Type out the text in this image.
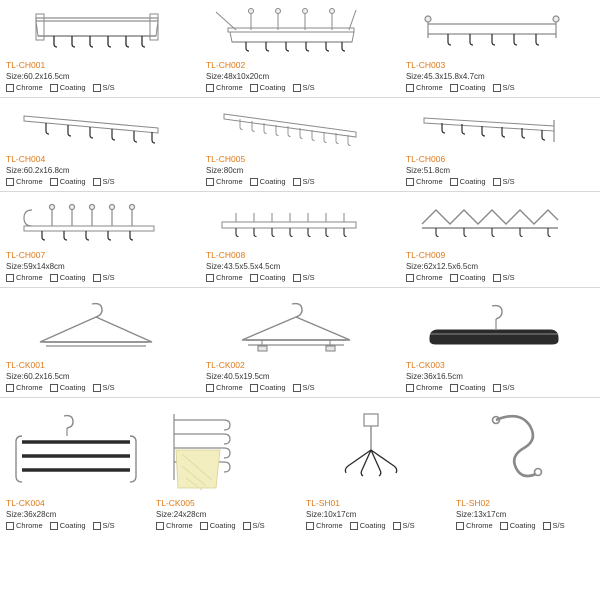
TL-CH001
Size:60.2x16.5cm
Chrome Coating S/S
TL-CH002
Size:48x10x20cm
Chrome Coating S/S
TL-CH003
Size:45.3x15.8x4.7cm
Chrome Coating S/S
TL-CH004
Size:60.2x16.8cm
Chrome Coating S/S
TL-CH005
Size:80cm
Chrome Coating S/S
TL-CH006
Size:51.8cm
Chrome Coating S/S
TL-CH007
Size:59x14x8cm
Chrome Coating S/S
TL-CH008
Size:43.5x5.5x4.5cm
Chrome Coating S/S
TL-CH009
Size:62x12.5x6.5cm
Chrome Coating S/S
TL-CK001
Size:60.2x16.5cm
Chrome Coating S/S
TL-CK002
Size:40.5x19.5cm
Chrome Coating S/S
TL-CK003
Size:36x16.5cm
Chrome Coating S/S
TL-CK004
Size:36x28cm
Chrome Coating S/S
TL-CK005
Size:24x28cm
Chrome Coating S/S
TL-SH01
Size:10x17cm
Chrome Coating S/S
TL-SH02
Size:13x17cm
Chrome Coating S/S
